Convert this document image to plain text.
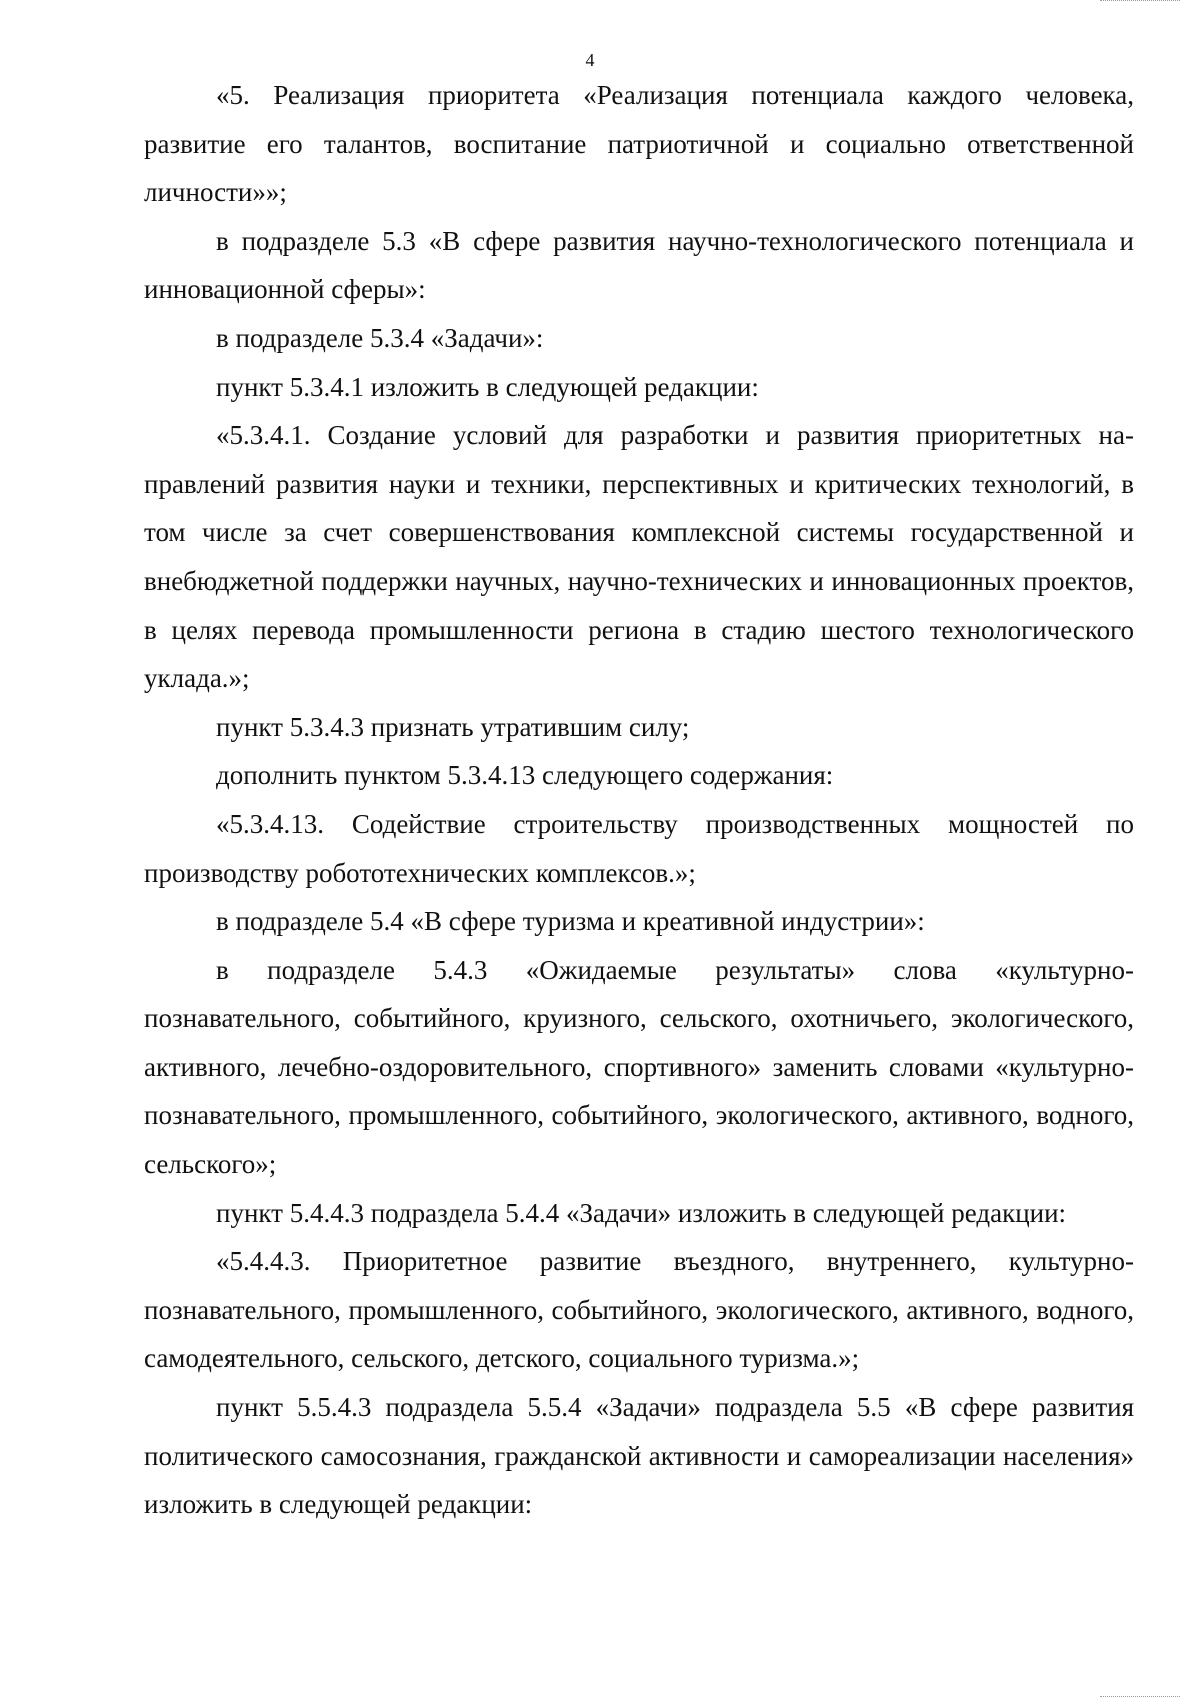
4

«5. Реализация приоритета «Реализация потенциала каждого человека, развитие его талантов, воспитание патриотичной и социально ответственной личности»»;

в подразделе 5.3 «В сфере развития научно-технологического потенциала и инновационной сферы»:

в подразделе 5.3.4 «Задачи»:

пункт 5.3.4.1 изложить в следующей редакции:

«5.3.4.1. Создание условий для разработки и развития приоритетных направлений развития науки и техники, перспективных и критических технологий, в том числе за счет совершенствования комплексной системы государственной и внебюджетной поддержки научных, научно-технических и инновационных проектов, в целях перевода промышленности региона в стадию шестого технологического уклада.»;

пункт 5.3.4.3 признать утратившим силу;

дополнить пунктом 5.3.4.13 следующего содержания:

«5.3.4.13. Содействие строительству производственных мощностей по производству робототехнических комплексов.»;

в подразделе 5.4 «В сфере туризма и креативной индустрии»:

в подразделе 5.4.3 «Ожидаемые результаты» слова «культурно-познавательного, событийного, круизного, сельского, охотничьего, экологического, активного, лечебно-оздоровительного, спортивного» заменить словами «культурно-познавательного, промышленного, событийного, экологического, активного, водного, сельского»;

пункт 5.4.4.3 подраздела 5.4.4 «Задачи» изложить в следующей редакции:

«5.4.4.3. Приоритетное развитие въездного, внутреннего, культурно-познавательного, промышленного, событийного, экологического, активного, водного, самодеятельного, сельского, детского, социального туризма.»;

пункт 5.5.4.3 подраздела 5.5.4 «Задачи» подраздела 5.5 «В сфере развития политического самосознания, гражданской активности и самореализации населения» изложить в следующей редакции:
